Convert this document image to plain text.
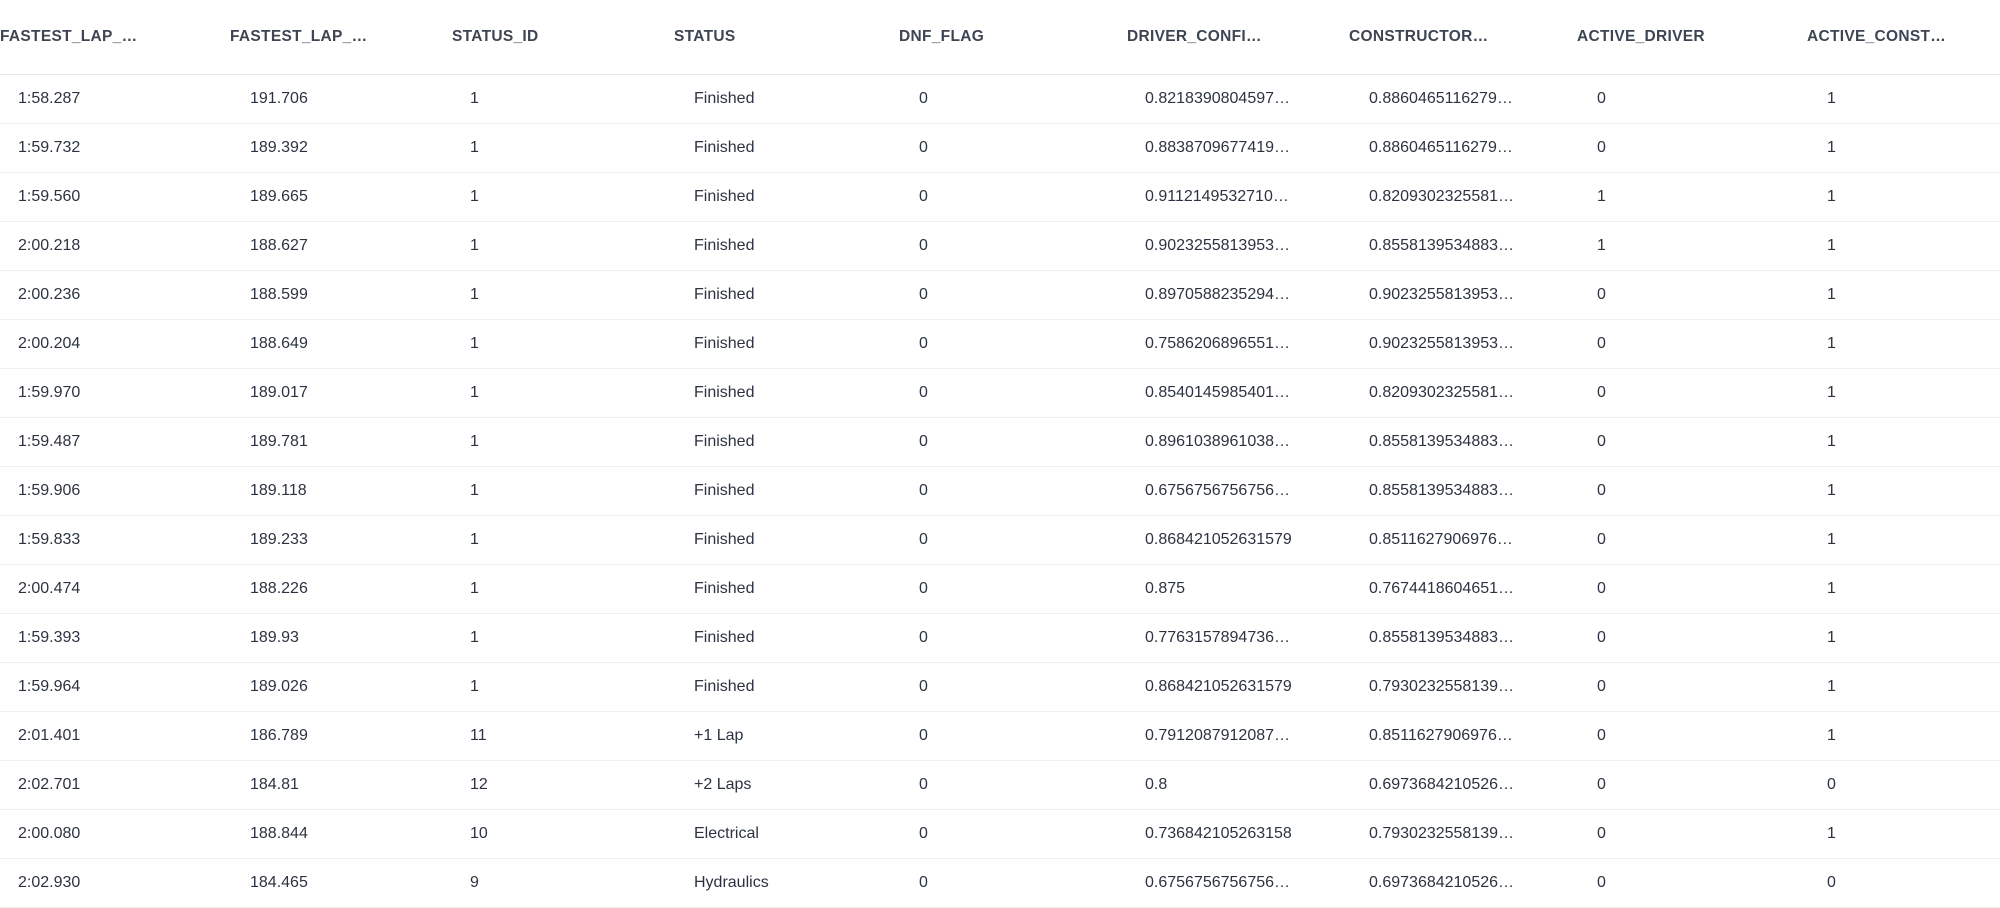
FASTEST_LAP_…	FASTEST_LAP_…	STATUS_ID	STATUS	DNF_FLAG	DRIVER_CONFI…	CONSTRUCTOR…	ACTIVE_DRIVER	ACTIVE_CONST…
1:58.287	191.706	1	Finished	0	0.8218390804597…	0.8860465116279…	0	1
1:59.732	189.392	1	Finished	0	0.8838709677419…	0.8860465116279…	0	1
1:59.560	189.665	1	Finished	0	0.9112149532710…	0.8209302325581…	1	1
2:00.218	188.627	1	Finished	0	0.9023255813953…	0.8558139534883…	1	1
2:00.236	188.599	1	Finished	0	0.8970588235294…	0.9023255813953…	0	1
2:00.204	188.649	1	Finished	0	0.7586206896551…	0.9023255813953…	0	1
1:59.970	189.017	1	Finished	0	0.8540145985401…	0.8209302325581…	0	1
1:59.487	189.781	1	Finished	0	0.8961038961038…	0.8558139534883…	0	1
1:59.906	189.118	1	Finished	0	0.6756756756756…	0.8558139534883…	0	1
1:59.833	189.233	1	Finished	0	0.868421052631579	0.8511627906976…	0	1
2:00.474	188.226	1	Finished	0	0.875	0.7674418604651…	0	1
1:59.393	189.93	1	Finished	0	0.7763157894736…	0.8558139534883…	0	1
1:59.964	189.026	1	Finished	0	0.868421052631579	0.7930232558139…	0	1
2:01.401	186.789	11	+1 Lap	0	0.7912087912087…	0.8511627906976…	0	1
2:02.701	184.81	12	+2 Laps	0	0.8	0.6973684210526…	0	0
2:00.080	188.844	10	Electrical	0	0.736842105263158	0.7930232558139…	0	1
2:02.930	184.465	9	Hydraulics	0	0.6756756756756…	0.6973684210526…	0	0
